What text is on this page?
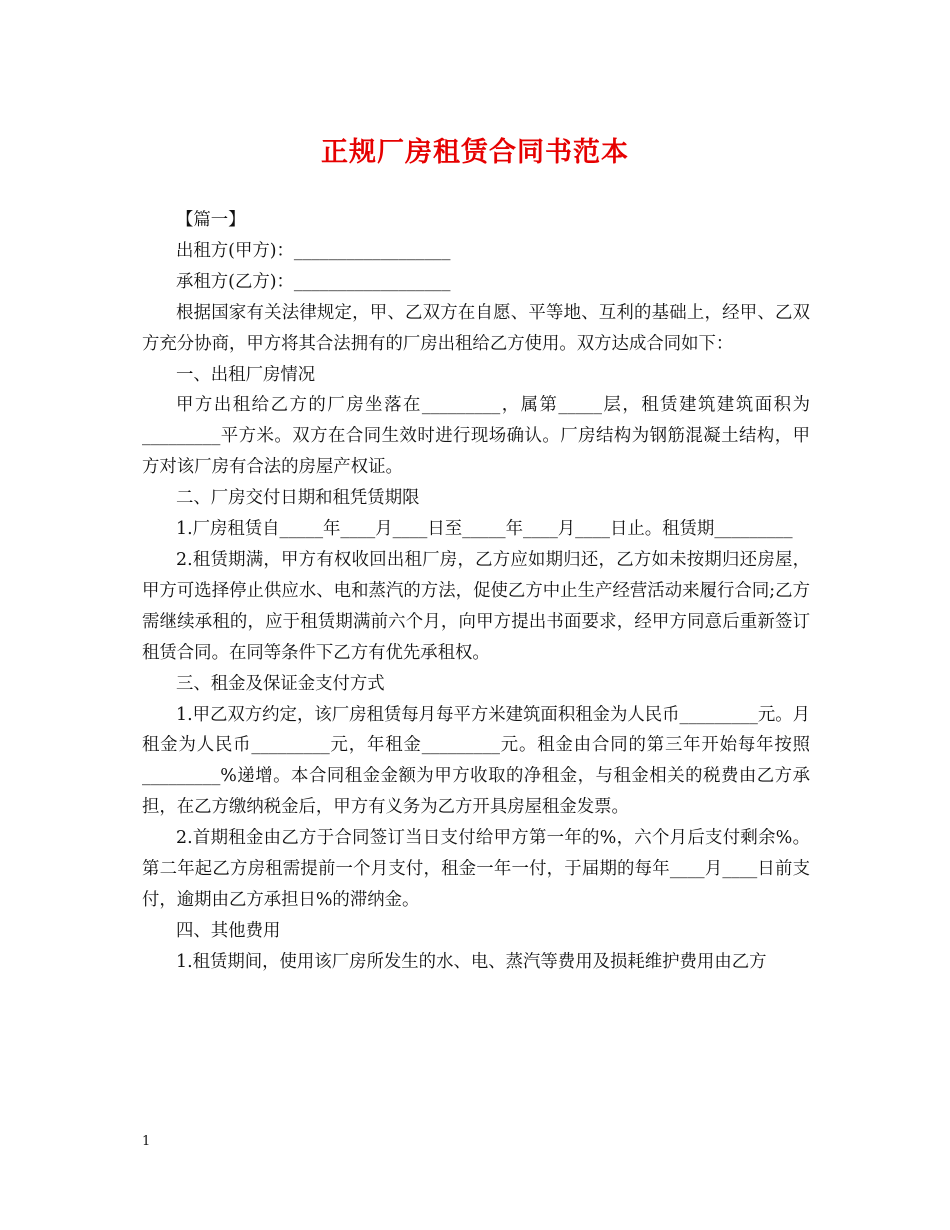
正规厂房租赁合同书范本

【篇一】

出租方(甲方)：__________________

承租方(乙方)：__________________

根据国家有关法律规定，甲、乙双方在自愿、平等地、互利的基础上，经甲、乙双方充分协商，甲方将其合法拥有的厂房出租给乙方使用。双方达成合同如下：

一、出租厂房情况

甲方出租给乙方的厂房坐落在_________，属第_____层，租赁建筑建筑面积为_________平方米。双方在合同生效时进行现场确认。厂房结构为钢筋混凝土结构，甲方对该厂房有合法的房屋产权证。

二、厂房交付日期和租凭赁期限

1.厂房租赁自_____年____月____日至_____年____月____日止。租赁期_________

2.租赁期满，甲方有权收回出租厂房，乙方应如期归还，乙方如未按期归还房屋，甲方可选择停止供应水、电和蒸汽的方法，促使乙方中止生产经营活动来履行合同;乙方需继续承租的，应于租赁期满前六个月，向甲方提出书面要求，经甲方同意后重新签订租赁合同。在同等条件下乙方有优先承租权。

三、租金及保证金支付方式

1.甲乙双方约定，该厂房租赁每月每平方米建筑面积租金为人民币_________元。月租金为人民币_________元，年租金_________元。租金由合同的第三年开始每年按照_________%递增。本合同租金金额为甲方收取的净租金，与租金相关的税费由乙方承担，在乙方缴纳税金后，甲方有义务为乙方开具房屋租金发票。

2.首期租金由乙方于合同签订当日支付给甲方第一年的%，六个月后支付剩余%。第二年起乙方房租需提前一个月支付，租金一年一付，于届期的每年____月____日前支付，逾期由乙方承担日%的滞纳金。

四、其他费用

1.租赁期间，使用该厂房所发生的水、电、蒸汽等费用及损耗维护费用由乙方

1
